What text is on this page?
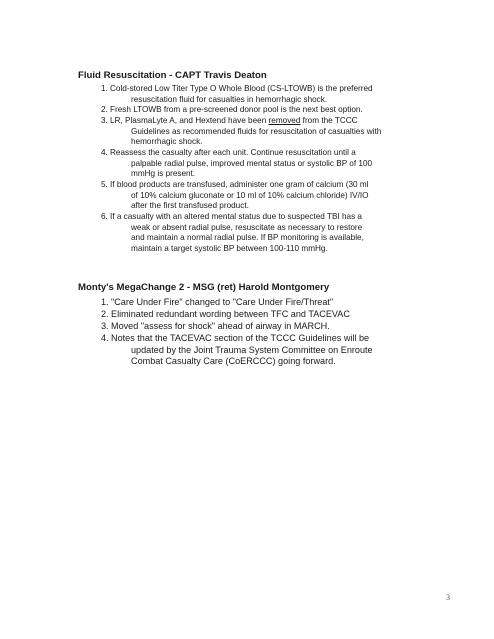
Fluid Resuscitation - CAPT Travis Deaton
1. Cold-stored Low Titer Type O Whole Blood (CS-LTOWB) is the preferred
resuscitation fluid for casualties in hemorrhagic shock.
2. Fresh LTOWB from a pre-screened donor pool is the next best option.
3. LR, PlasmaLyte A, and Hextend have been removed from the TCCC
Guidelines as recommended fluids for resuscitation of casualties with
hemorrhagic shock.
4. Reassess the casualty after each unit. Continue resuscitation until a
palpable radial pulse, improved mental status or systolic BP of 100
mmHg is present.
5. If blood products are transfused, administer one gram of calcium (30 ml
of 10% calcium gluconate or 10 ml of 10% calcium chloride) IV/IO
after the first transfused product.
6. If a casualty with an altered mental status due to suspected TBI has a
weak or absent radial pulse, resuscitate as necessary to restore
and maintain a normal radial pulse. If BP monitoring is available,
maintain a target systolic BP between 100-110 mmHg.
Monty's MegaChange 2 - MSG (ret) Harold Montgomery
1. "Care Under Fire" changed to "Care Under Fire/Threat"
2. Eliminated redundant wording between TFC and TACEVAC
3. Moved "assess for shock" ahead of airway in MARCH.
4. Notes that the TACEVAC section of the TCCC Guidelines will be
updated by the Joint Trauma System Committee on Enroute
Combat Casualty Care (CoERCCC) going forward.
3
